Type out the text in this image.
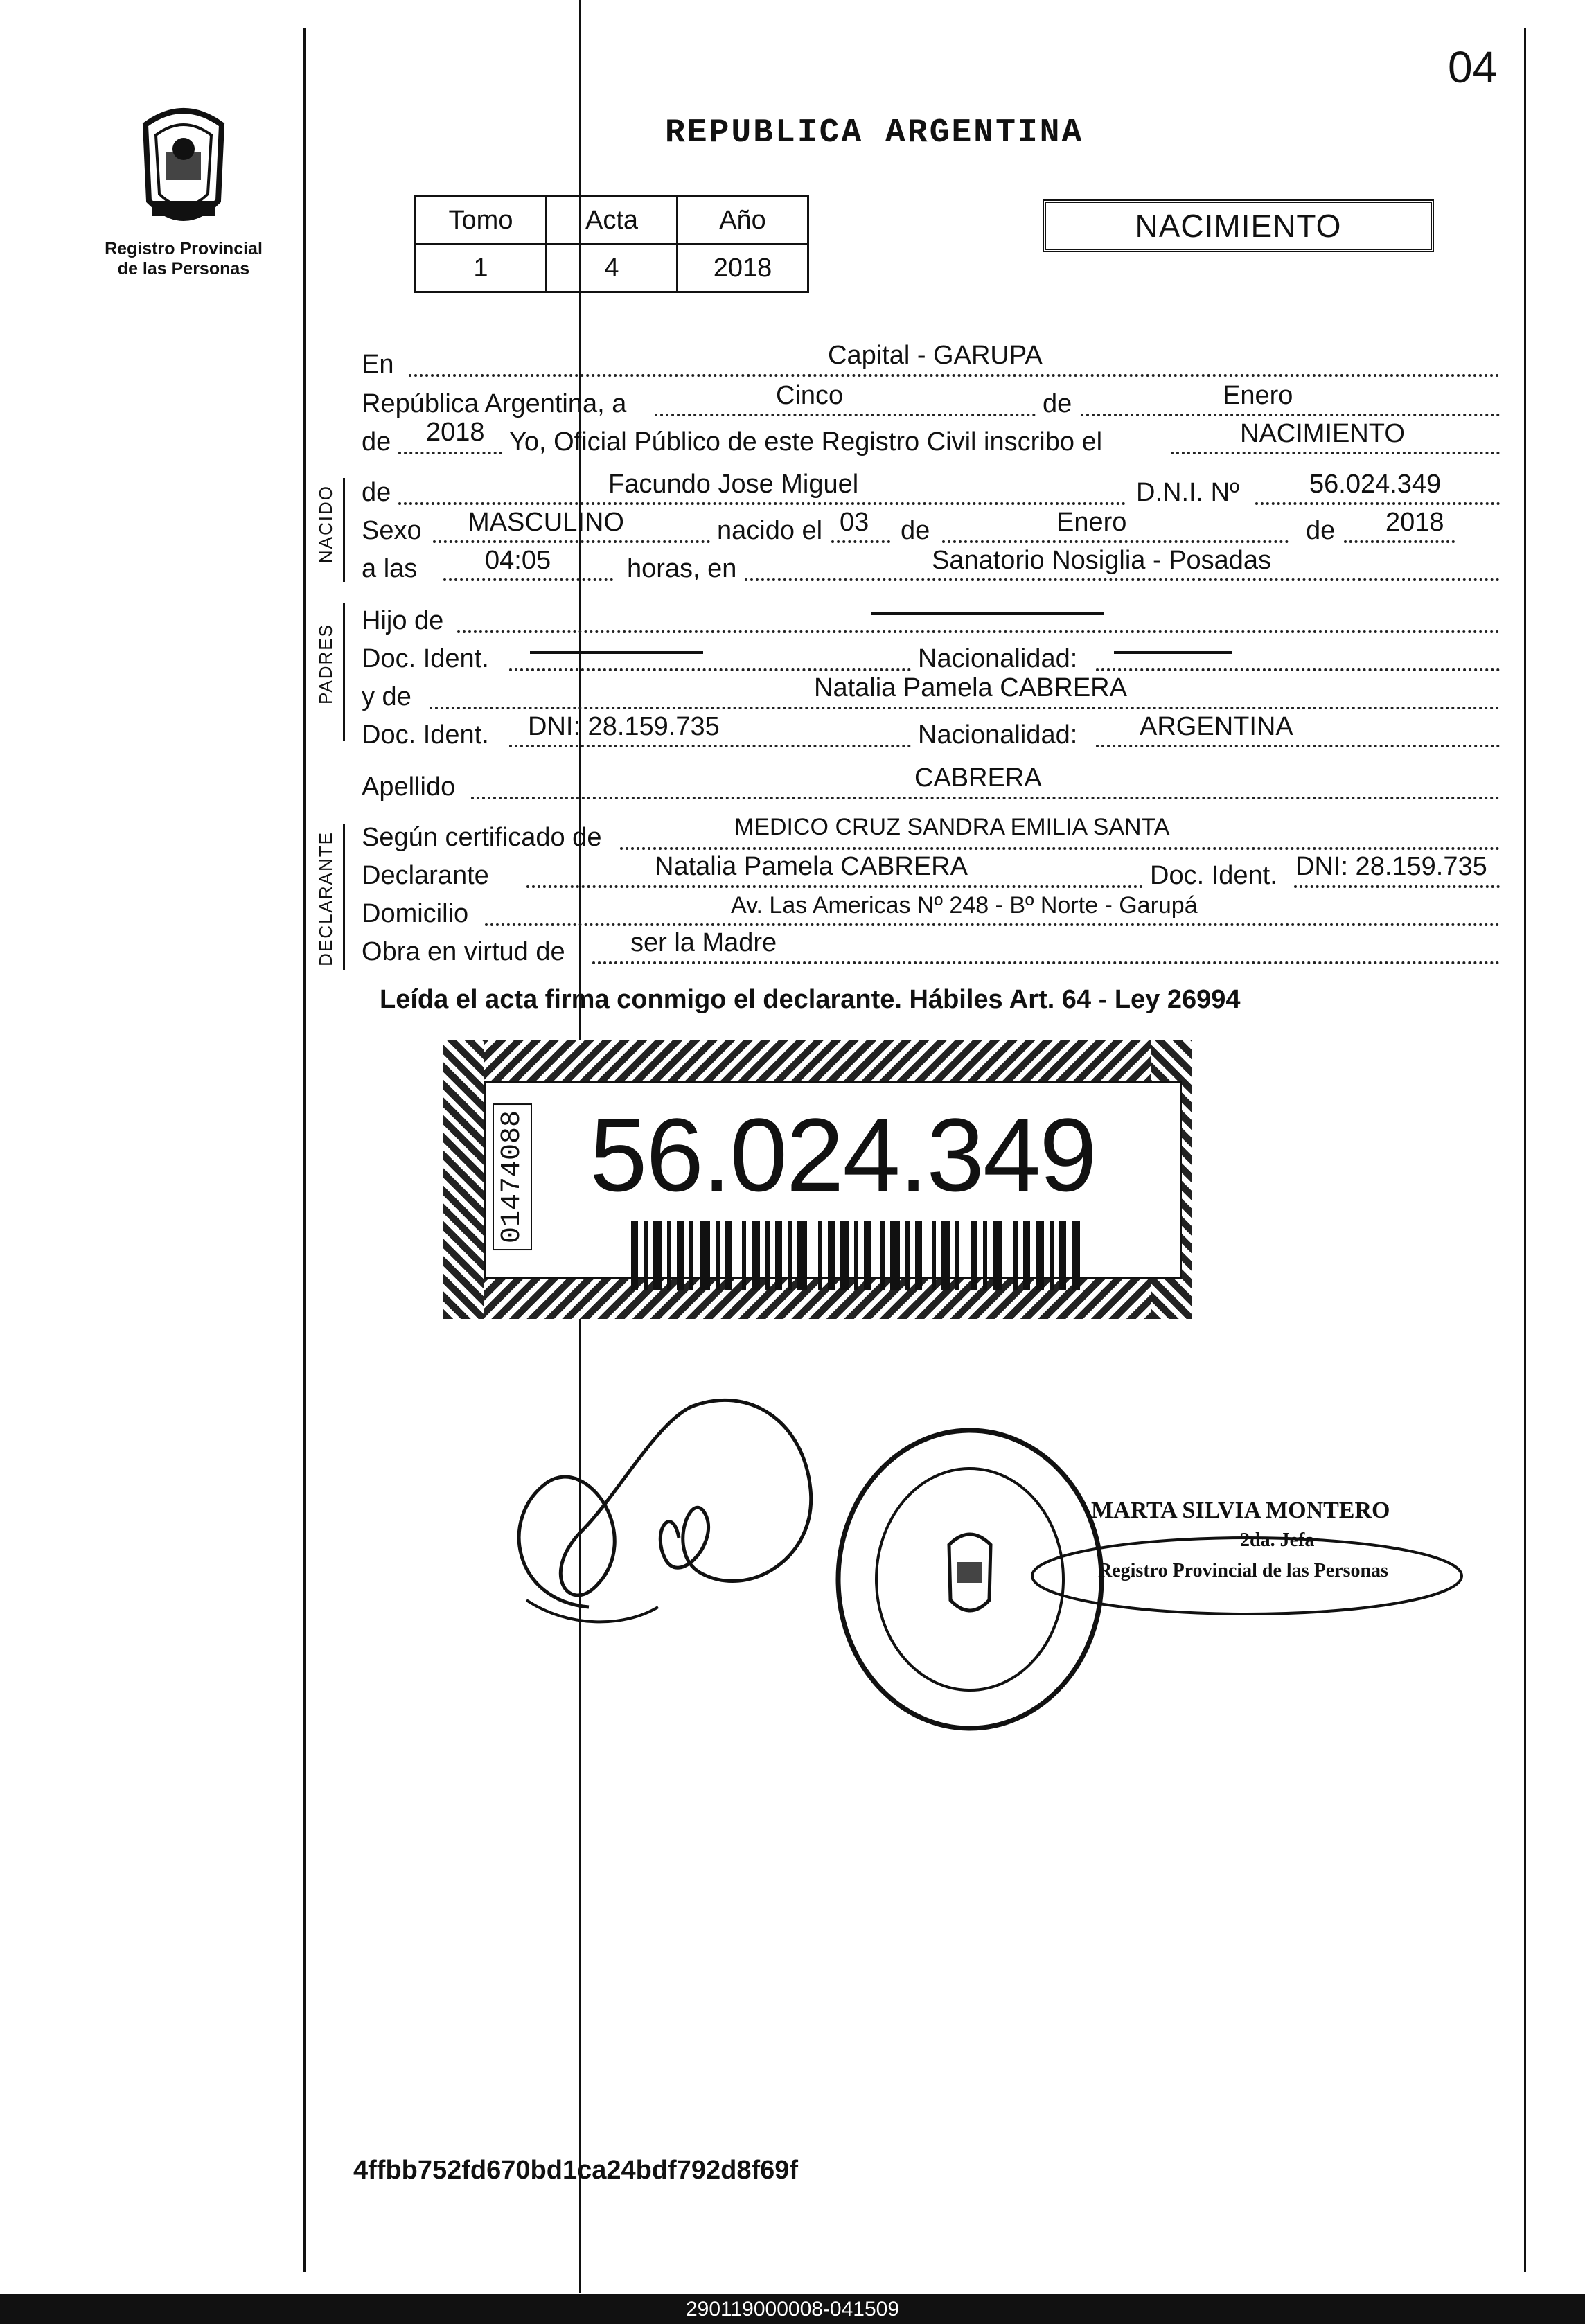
04
Registro Provincial
de las Personas
REPUBLICA ARGENTINA
Tomo	Acta	Año
1	4	2018
NACIMIENTO
En	Capital - GARUPA
República Argentina, a	Cinco	de	Enero
de 2018 Yo, Oficial Público de este Registro Civil inscribo el	NACIMIENTO
NACIDO de	Facundo Jose Miguel	D.N.I. Nº	56.024.349
Sexo MASCULINO	nacido el 03 de	Enero	de 2018
a las	04:05	horas, en	Sanatorio Nosiglia - Posadas
PADRES
Hijo de
Doc. Ident.	Nacionalidad:
y de	Natalia Pamela CABRERA
Doc. Ident. DNI: 28.159.735	Nacionalidad: ARGENTINA
Apellido	CABRERA
DECLARANTE Según certificado de	MEDICO CRUZ SANDRA EMILIA SANTA
Declarante	Natalia Pamela CABRERA	Doc. Ident. DNI: 28.159.735
Domicilio	Av. Las Americas Nº 248 - Bº Norte - Garupá
Obra en virtud de ser la Madre
Leída el acta firma conmigo el declarante. Hábiles Art. 64 - Ley 26994
01474088 56.024.349
MARTA SILVIA MONTERO
2da. Jefa
Registro Provincial de las Personas
4ffbb752fd670bd1ca24bdf792d8f69f
290119000008-041509
